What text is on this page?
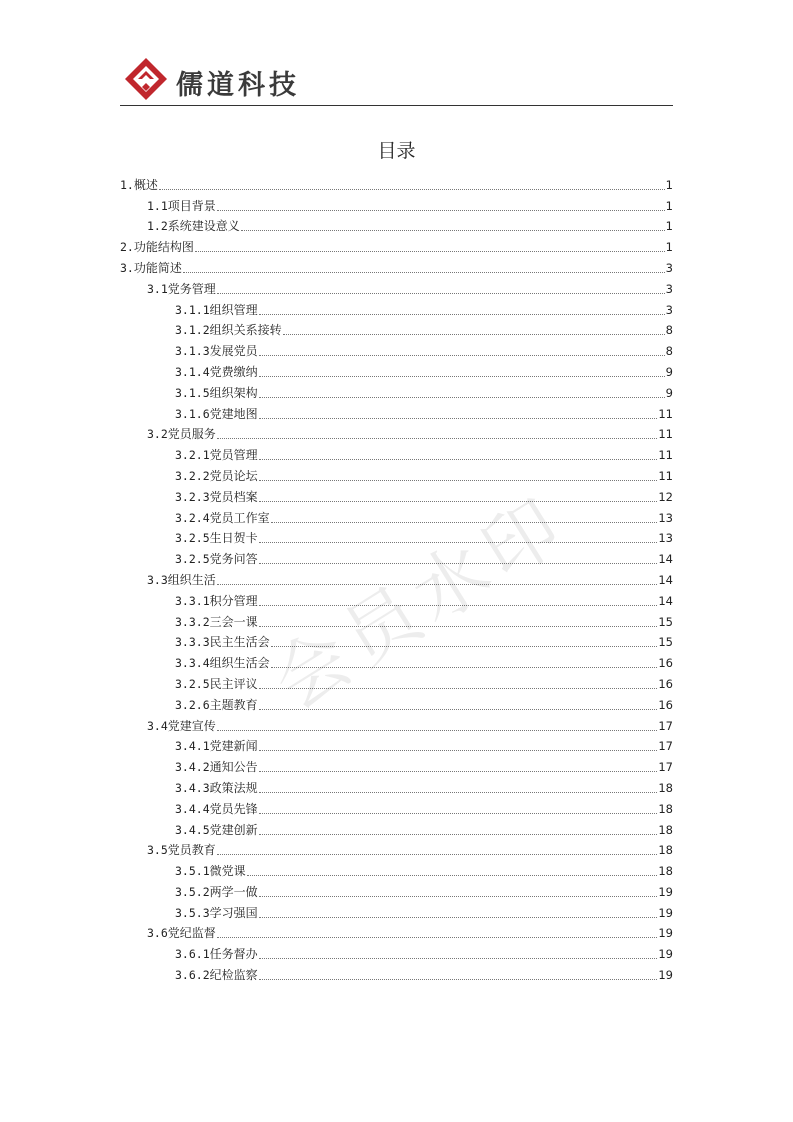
儒道科技
目录
1. 概述	1
1.1 项目背景	1
1.2 系统建设意义	1
2. 功能结构图	1
3. 功能简述	3
3.1 党务管理	3
3.1.1 组织管理	3
3.1.2 组织关系接转	8
3.1.3 发展党员	8
3.1.4 党费缴纳	9
3.1.5 组织架构	9
3.1.6 党建地图	11
3.2 党员服务	11
3.2.1 党员管理	11
3.2.2 党员论坛	11
3.2.3 党员档案	12
3.2.4 党员工作室	13
3.2.5 生日贺卡	13
3.2.5 党务问答	14
3.3 组织生活	14
3.3.1 积分管理	14
3.3.2 三会一课	15
3.3.3 民主生活会	15
3.3.4 组织生活会	16
3.2.5 民主评议	16
3.2.6 主题教育	16
3.4 党建宣传	17
3.4.1 党建新闻	17
3.4.2 通知公告	17
3.4.3 政策法规	18
3.4.4 党员先锋	18
3.4.5 党建创新	18
3.5 党员教育	18
3.5.1 微党课	18
3.5.2 两学一做	19
3.5.3 学习强国	19
3.6 党纪监督	19
3.6.1 任务督办	19
3.6.2 纪检监察	19
会员水印
